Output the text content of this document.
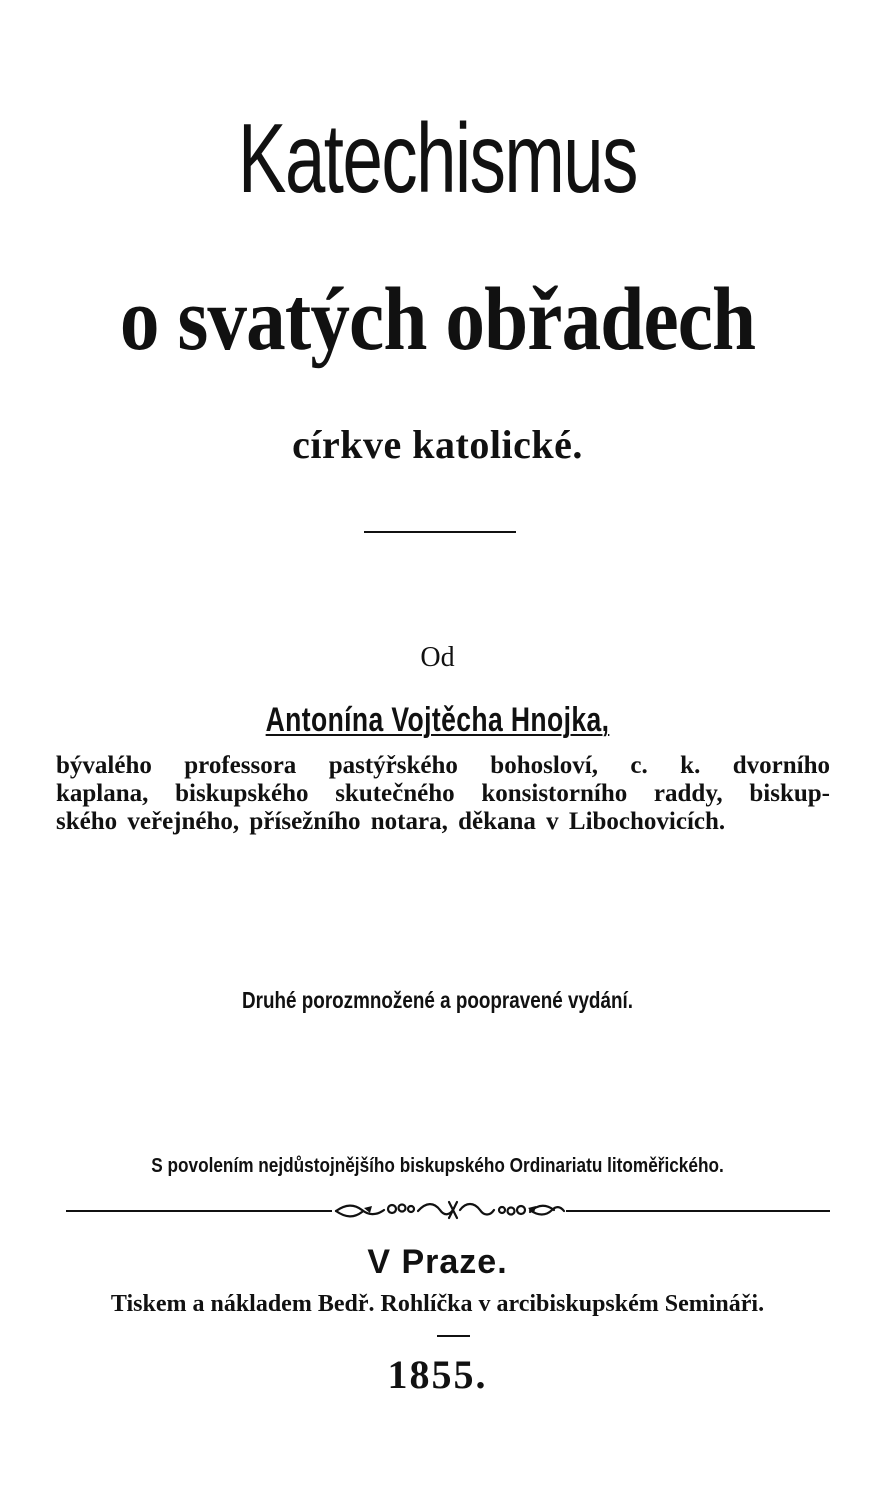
Katechismus
o svatých obřadech
církve katolické.
Od
Antonína Vojtěcha Hnojka,
bývalého professora pastýřského bohosloví, c. k. dvorního
kaplana, biskupského skutečného konsistorního raddy, biskup-
ského veřejného, přísežního notara, děkana v Libochovicích.
Druhé porozmnožené a poopravené vydání.
S povolením nejdůstojnějšího biskupského Ordinariatu litoměřického.
V Praze.
Tiskem a nákladem Bedř. Rohlíčka v arcibiskupském Semináři.
1855.
